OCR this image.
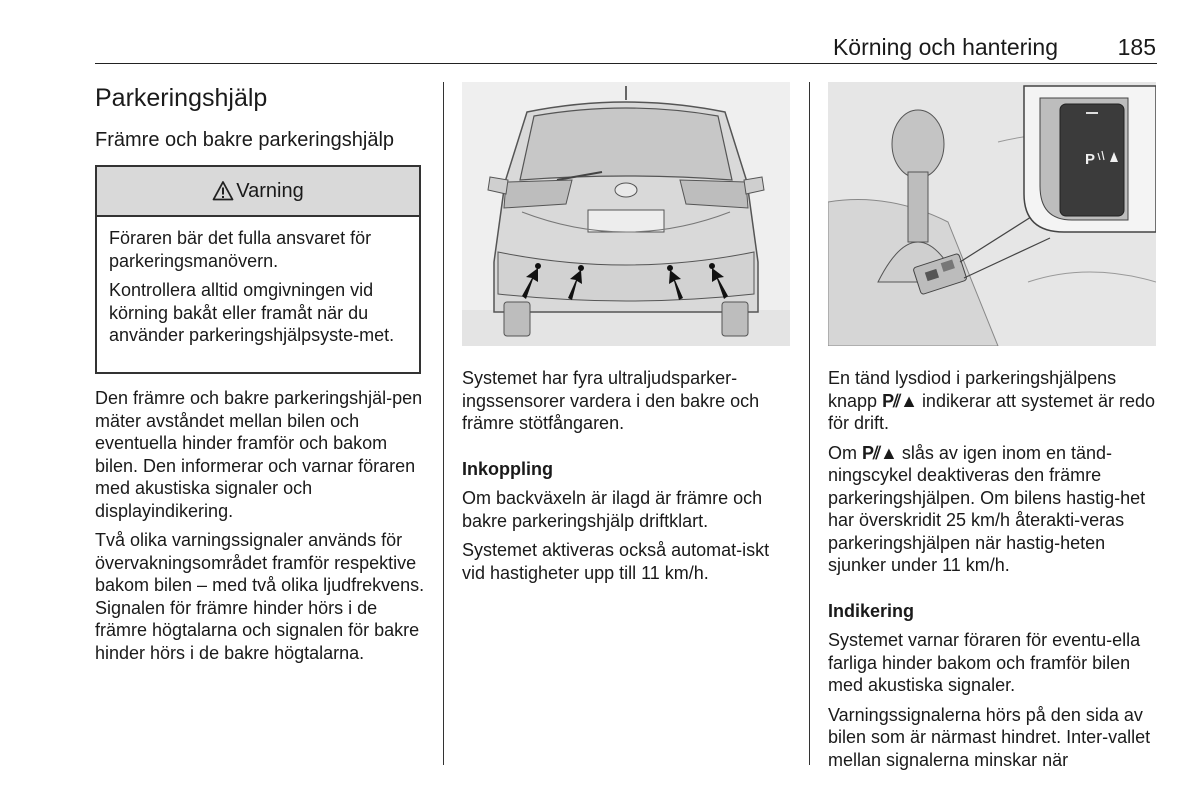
Körning och hantering	185
Parkeringshjälp
Främre och bakre parkeringshjälp
Varning

Föraren bär det fulla ansvaret för parkeringsmanövern.

Kontrollera alltid omgivningen vid körning bakåt eller framåt när du använder parkeringshjälpsyste-met.

Den främre och bakre parkeringshjäl-pen mäter avståndet mellan bilen och eventuella hinder framför och bakom bilen. Den informerar och varnar föraren med akustiska signaler och displayindikering.

Två olika varningssignaler används för övervakningsområdet framför respektive bakom bilen – med två olika ljudfrekvens. Signalen för främre hinder hörs i de främre högtalarna och signalen för bakre hinder hörs i de bakre högtalarna.

Systemet har fyra ultraljudsparker-ingssensorer vardera i den bakre och främre stötfångaren.

Inkoppling

Om backväxeln är ilagd är främre och bakre parkeringshjälp driftklart.

Systemet aktiveras också automat-iskt vid hastigheter upp till 11 km/h.

P

En tänd lysdiod i parkeringshjälpens knapp P⫽▲ indikerar att systemet är redo för drift.

Om P⫽▲ slås av igen inom en tänd-ningscykel deaktiveras den främre parkeringshjälpen. Om bilens hastig-het har överskridit 25 km/h återakti-veras parkeringshjälpen när hastig-heten sjunker under 11 km/h.

Indikering

Systemet varnar föraren för eventu-ella farliga hinder bakom och framför bilen med akustiska signaler.

Varningssignalerna hörs på den sida av bilen som är närmast hindret. Inter-vallet mellan signalerna minskar när
